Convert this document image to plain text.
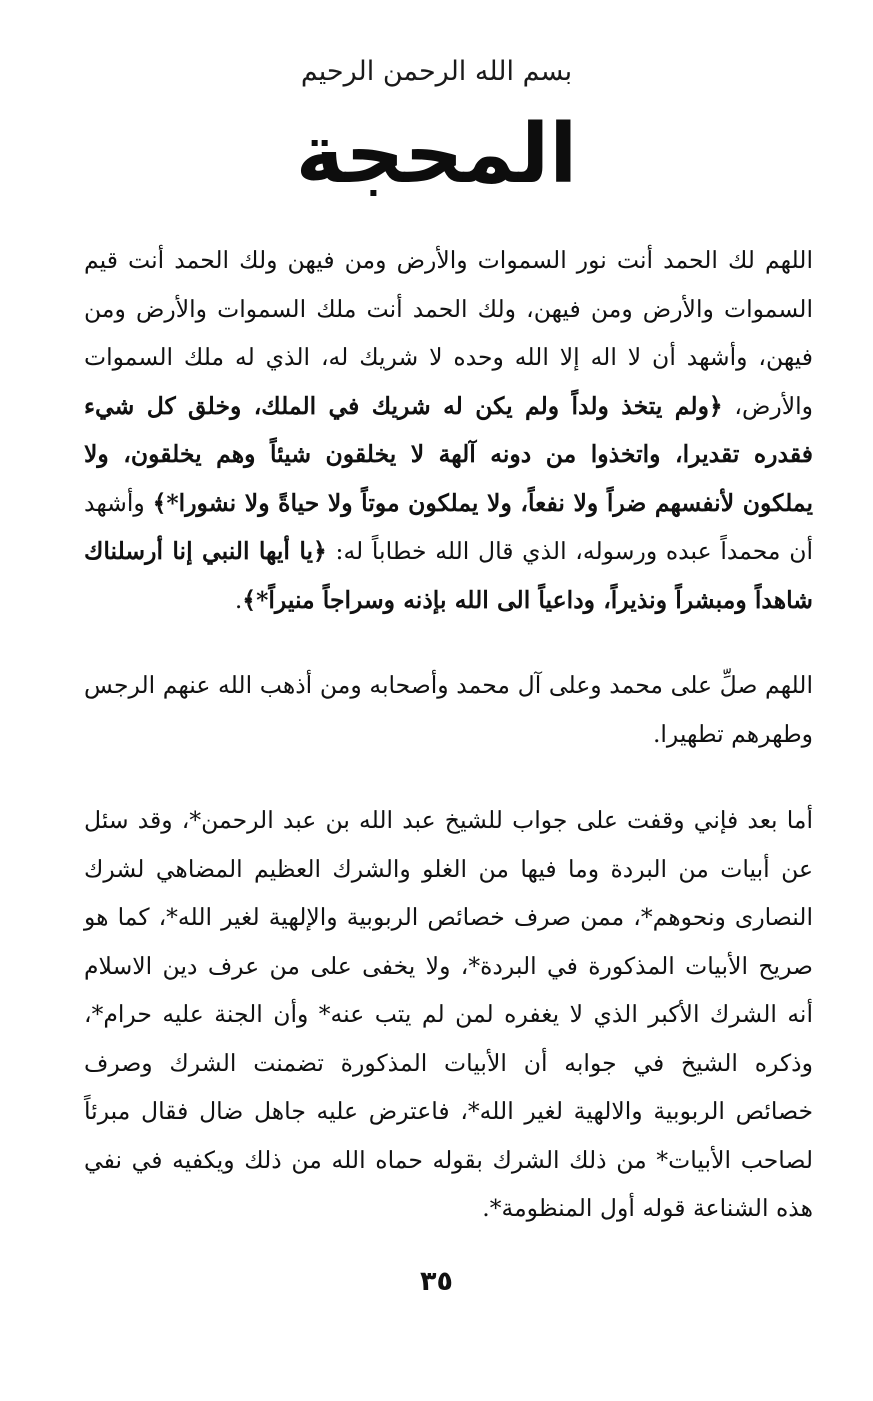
بسم الله الرحمن الرحيم
المحجة

اللهم لك الحمد أنت نور السموات والأرض ومن فيهن ولك الحمد أنت قيم السموات والأرض ومن فيهن، ولك الحمد أنت ملك السموات والأرض ومن فيهن، وأشهد أن لا اله إلا الله وحده لا شريك له، الذي له ملك السموات والأرض، ﴿ولم يتخذ ولداً ولم يكن له شريك في الملك، وخلق كل شيء فقدره تقديرا، واتخذوا من دونه آلهة لا يخلقون شيئاً وهم يخلقون، ولا يملكون لأنفسهم ضراً ولا نفعاً، ولا يملكون موتاً ولا حياةً ولا نشورا*﴾ وأشهد أن محمداً عبده ورسوله، الذي قال الله خطاباً له: ﴿يا أيها النبي إنا أرسلناك شاهداً ومبشراً ونذيراً، وداعياً الى الله بإذنه وسراجاً منيراً*﴾.

اللهم صلِّ على محمد وعلى آل محمد وأصحابه ومن أذهب الله عنهم الرجس وطهرهم تطهيرا.

أما بعد فإني وقفت على جواب للشيخ عبد الله بن عبد الرحمن*، وقد سئل عن أبيات من البردة وما فيها من الغلو والشرك العظيم المضاهي لشرك النصارى ونحوهم*، ممن صرف خصائص الربوبية والإلهية لغير الله*، كما هو صريح الأبيات المذكورة في البردة*، ولا يخفى على من عرف دين الاسلام أنه الشرك الأكبر الذي لا يغفره لمن لم يتب عنه* وأن الجنة عليه حرام*، وذكره الشيخ في جوابه أن الأبيات المذكورة تضمنت الشرك وصرف خصائص الربوبية والالهية لغير الله*، فاعترض عليه جاهل ضال فقال مبرئاً لصاحب الأبيات* من ذلك الشرك بقوله حماه الله من ذلك ويكفيه في نفي هذه الشناعة قوله أول المنظومة*.

٣٥
